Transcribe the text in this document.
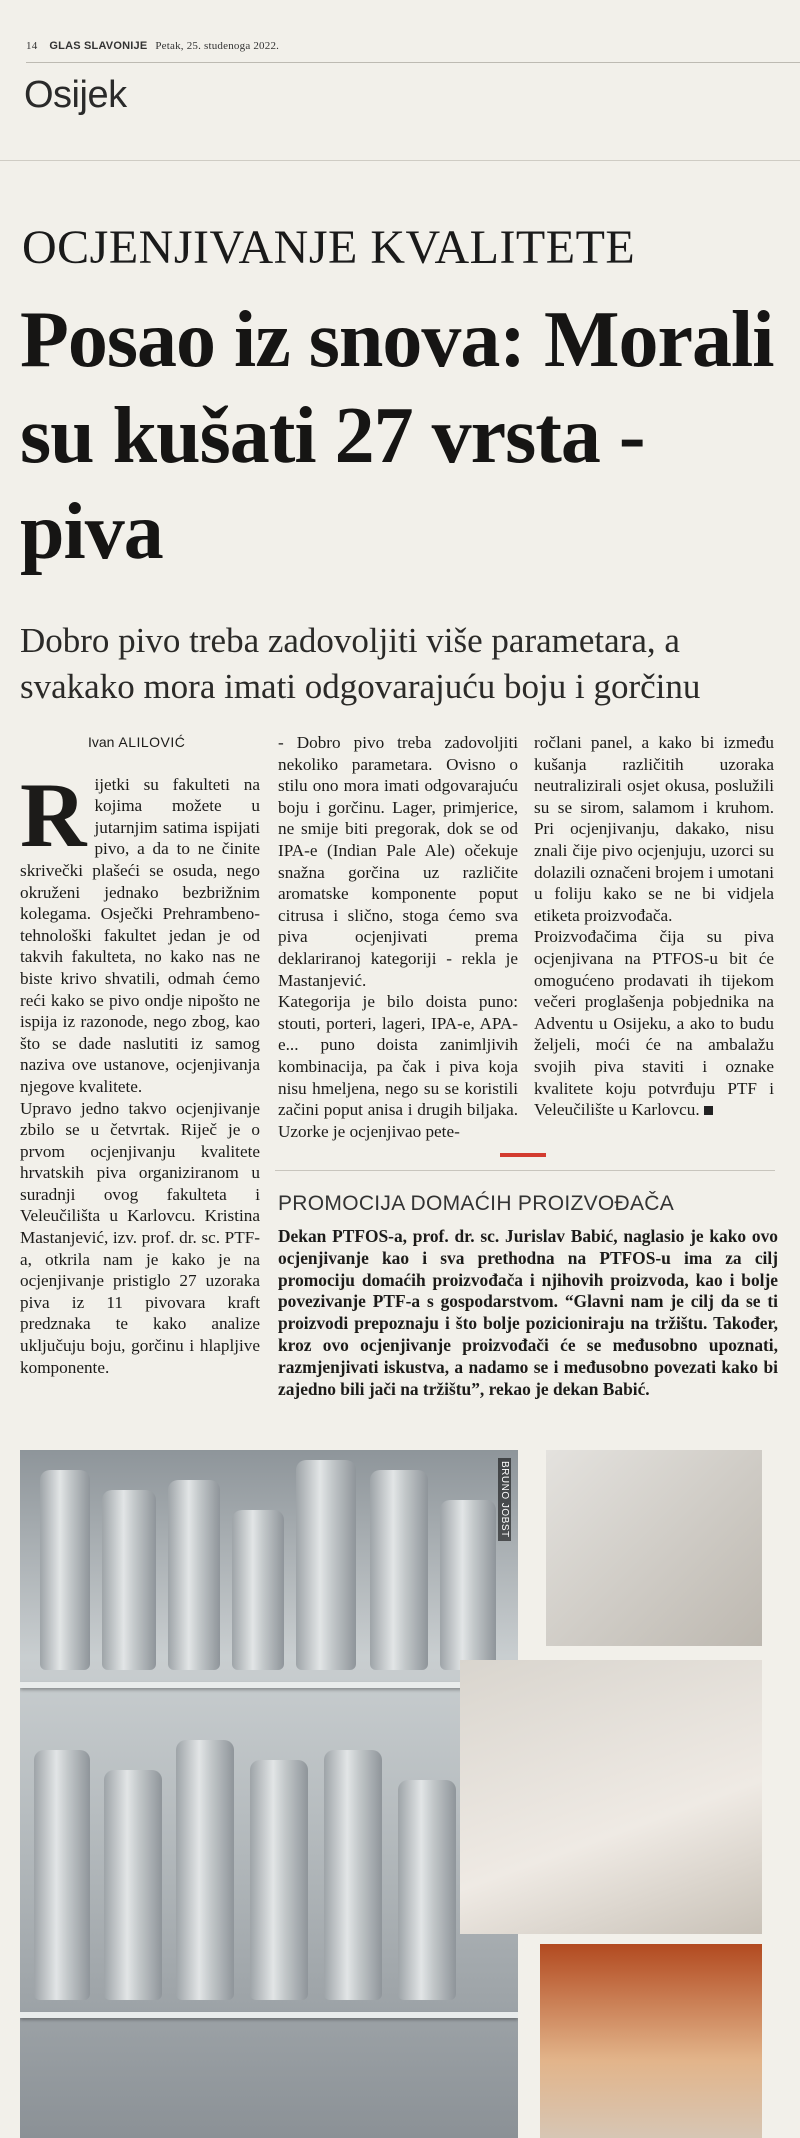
14 GLAS SLAVONIJE Petak, 25. studenoga 2022.
Osijek
OCJENJIVANJE KVALITETE
Posao iz snova: Morali su kušati 27 vrsta - piva
Dobro pivo treba zadovoljiti više parametara, a svakako mora imati odgovarajuću boju i gorčinu
Ivan ALILOVIĆ

Rijetki su fakulteti na kojima možete u jutarnjim satima ispijati pivo, a da to ne činite skrivečki plašeći se osuda, nego okruženi jednako bezbrižnim kolegama. Osječki Prehrambeno-tehnološki fakultet jedan je od takvih fakulteta, no kako nas ne biste krivo shvatili, odmah ćemo reći kako se pivo ondje nipošto ne ispija iz razonode, nego zbog, kao što se dade naslutiti iz samog naziva ove ustanove, ocjenjivanja njegove kvalitete.

Upravo jedno takvo ocjenjivanje zbilo se u četvrtak. Riječ je o prvom ocjenjivanju kvalitete hrvatskih piva organiziranom u suradnji ovog fakulteta i Veleučilišta u Karlovcu. Kristina Mastanjević, izv. prof. dr. sc. PTF-a, otkrila nam je kako je na ocjenjivanje pristiglo 27 uzoraka piva iz 11 pivovara kraft predznaka te kako analize uključuju boju, gorčinu i hlapljive komponente.

- Dobro pivo treba zadovoljiti nekoliko parametara. Ovisno o stilu ono mora imati odgovarajuću boju i gorčinu. Lager, primjerice, ne smije biti pregorak, dok se od IPA-e (Indian Pale Ale) očekuje snažna gorčina uz različite aromatske komponente poput citrusa i slično, stoga ćemo sva piva ocjenjivati prema deklariranoj kategoriji - rekla je Mastanjević.

Kategorija je bilo doista puno: stouti, porteri, lageri, IPA-e, APA-e... puno doista zanimljivih kombinacija, pa čak i piva koja nisu hmeljena, nego su se koristili začini poput anisa i drugih biljaka. Uzorke je ocjenjivao pete-

ročlani panel, a kako bi između kušanja različitih uzoraka neutralizirali osjet okusa, poslužili su se sirom, salamom i kruhom. Pri ocjenjivanju, dakako, nisu znali čije pivo ocjenjuju, uzorci su dolazili označeni brojem i umotani u foliju kako se ne bi vidjela etiketa proizvođača.

Proizvođačima čija su piva ocjenjivana na PTFOS-u bit će omogućeno prodavati ih tijekom večeri proglašenja pobjednika na Adventu u Osijeku, a ako to budu željeli, moći će na ambalažu svojih piva staviti i oznake kvalitete koju potvrđuju PTF i Veleučilište u Karlovcu.

PROMOCIJA DOMAĆIH PROIZVOĐAČA
Dekan PTFOS-a, prof. dr. sc. Jurislav Babić, naglasio je kako ovo ocjenjivanje kao i sva prethodna na PTFOS-u ima za cilj promociju domaćih proizvođača i njihovih proizvoda, kao i bolje povezivanje PTF-a s gospodarstvom. “Glavni nam je cilj da se ti proizvodi prepoznaju i što bolje pozicioniraju na tržištu. Također, kroz ovo ocjenjivanje proizvođači će se međusobno upoznati, razmjenjivati iskustva, a nadamo se i međusobno povezati kako bi zajedno bili jači na tržištu”, rekao je dekan Babić.
BRUNO JOBST
